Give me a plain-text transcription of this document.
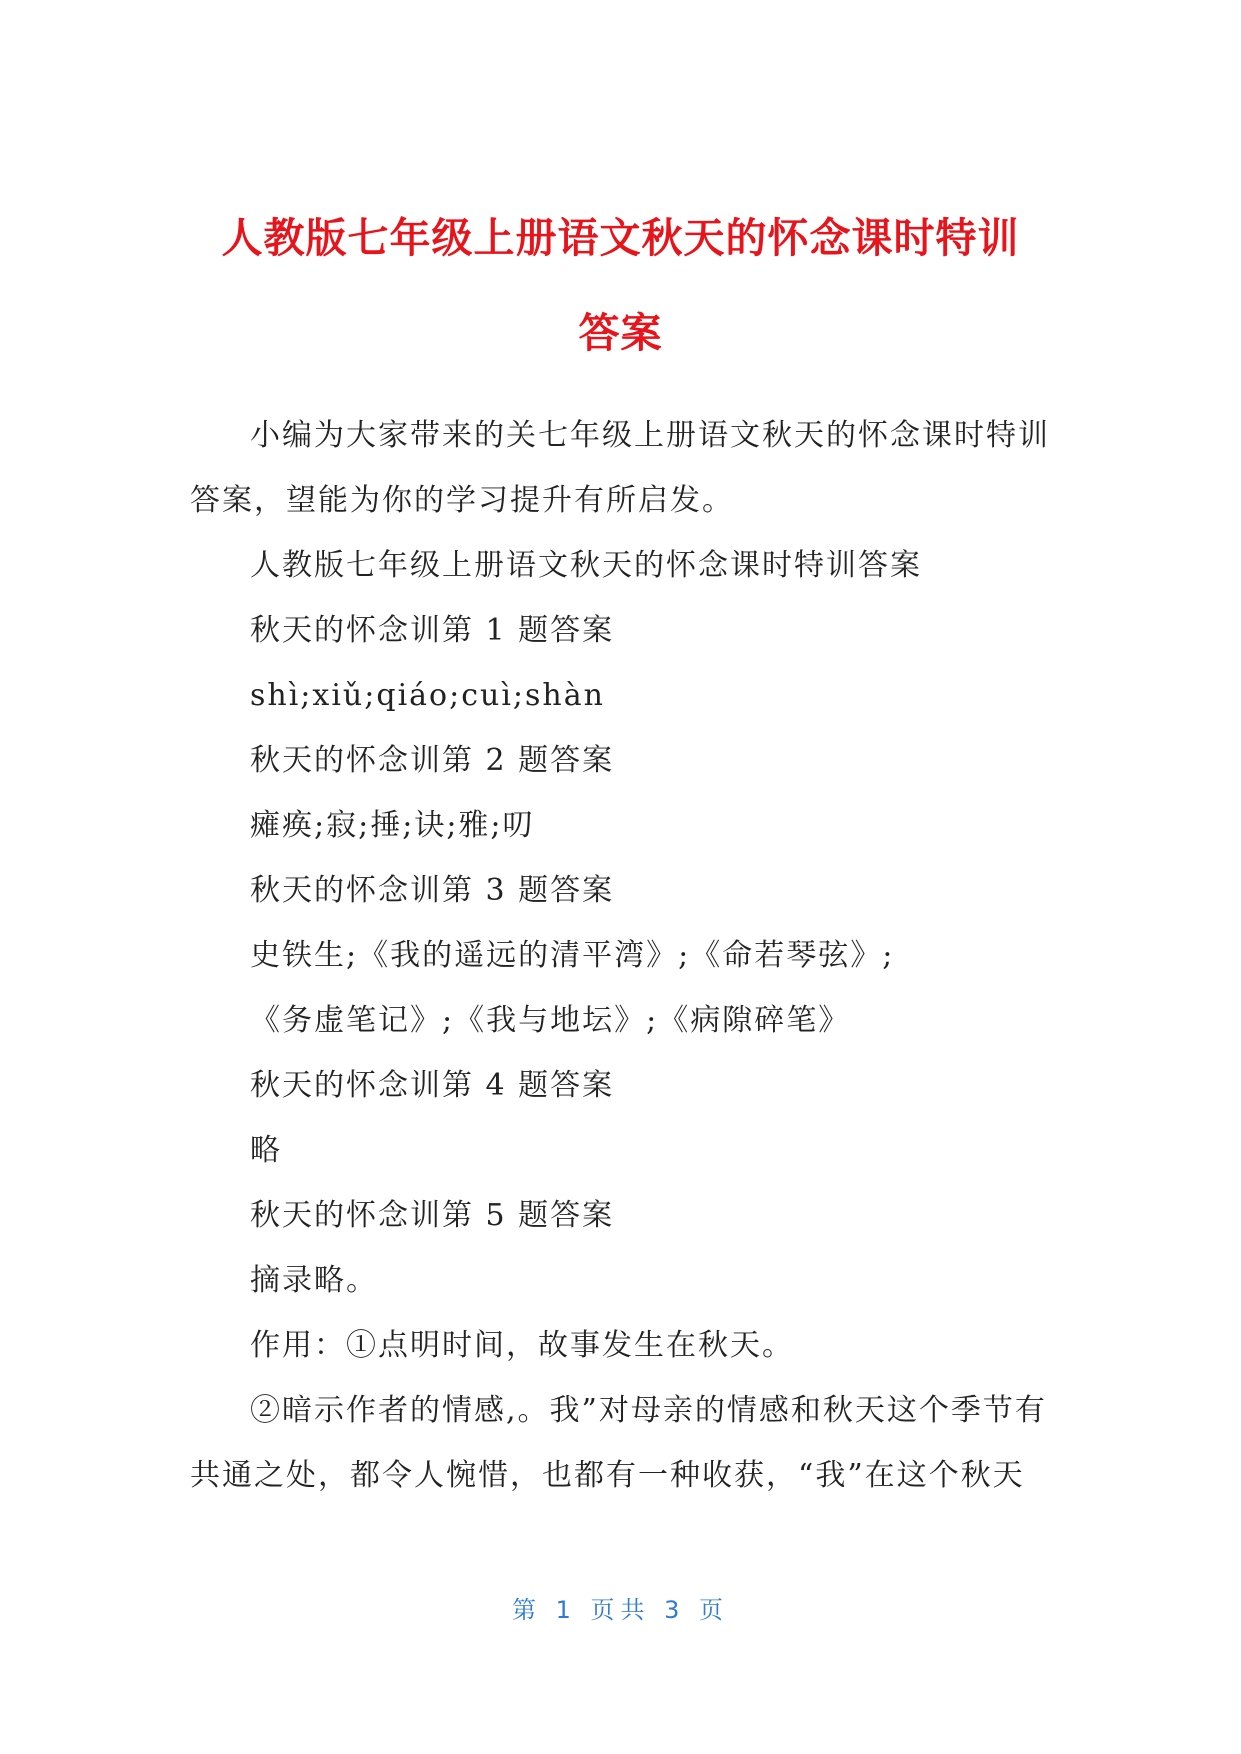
人教版七年级上册语文秋天的怀念课时特训
答案

小编为大家带来的关七年级上册语文秋天的怀念课时特训答案，望能为你的学习提升有所启发。

人教版七年级上册语文秋天的怀念课时特训答案

秋天的怀念训第 1 题答案

shì;xiǔ;qiáo;cuì;shàn

秋天的怀念训第 2 题答案

瘫痪;寂;捶;诀;雅;叨

秋天的怀念训第 3 题答案

史铁生;《我的遥远的清平湾》;《命若琴弦》;

《务虚笔记》;《我与地坛》;《病隙碎笔》

秋天的怀念训第 4 题答案

略

秋天的怀念训第 5 题答案

摘录略。

作用：①点明时间，故事发生在秋天。

②暗示作者的情感,。我”对母亲的情感和秋天这个季节有共通之处，都令人惋惜，也都有一种收获，“我”在这个秋天

第 1 页共 3 页
